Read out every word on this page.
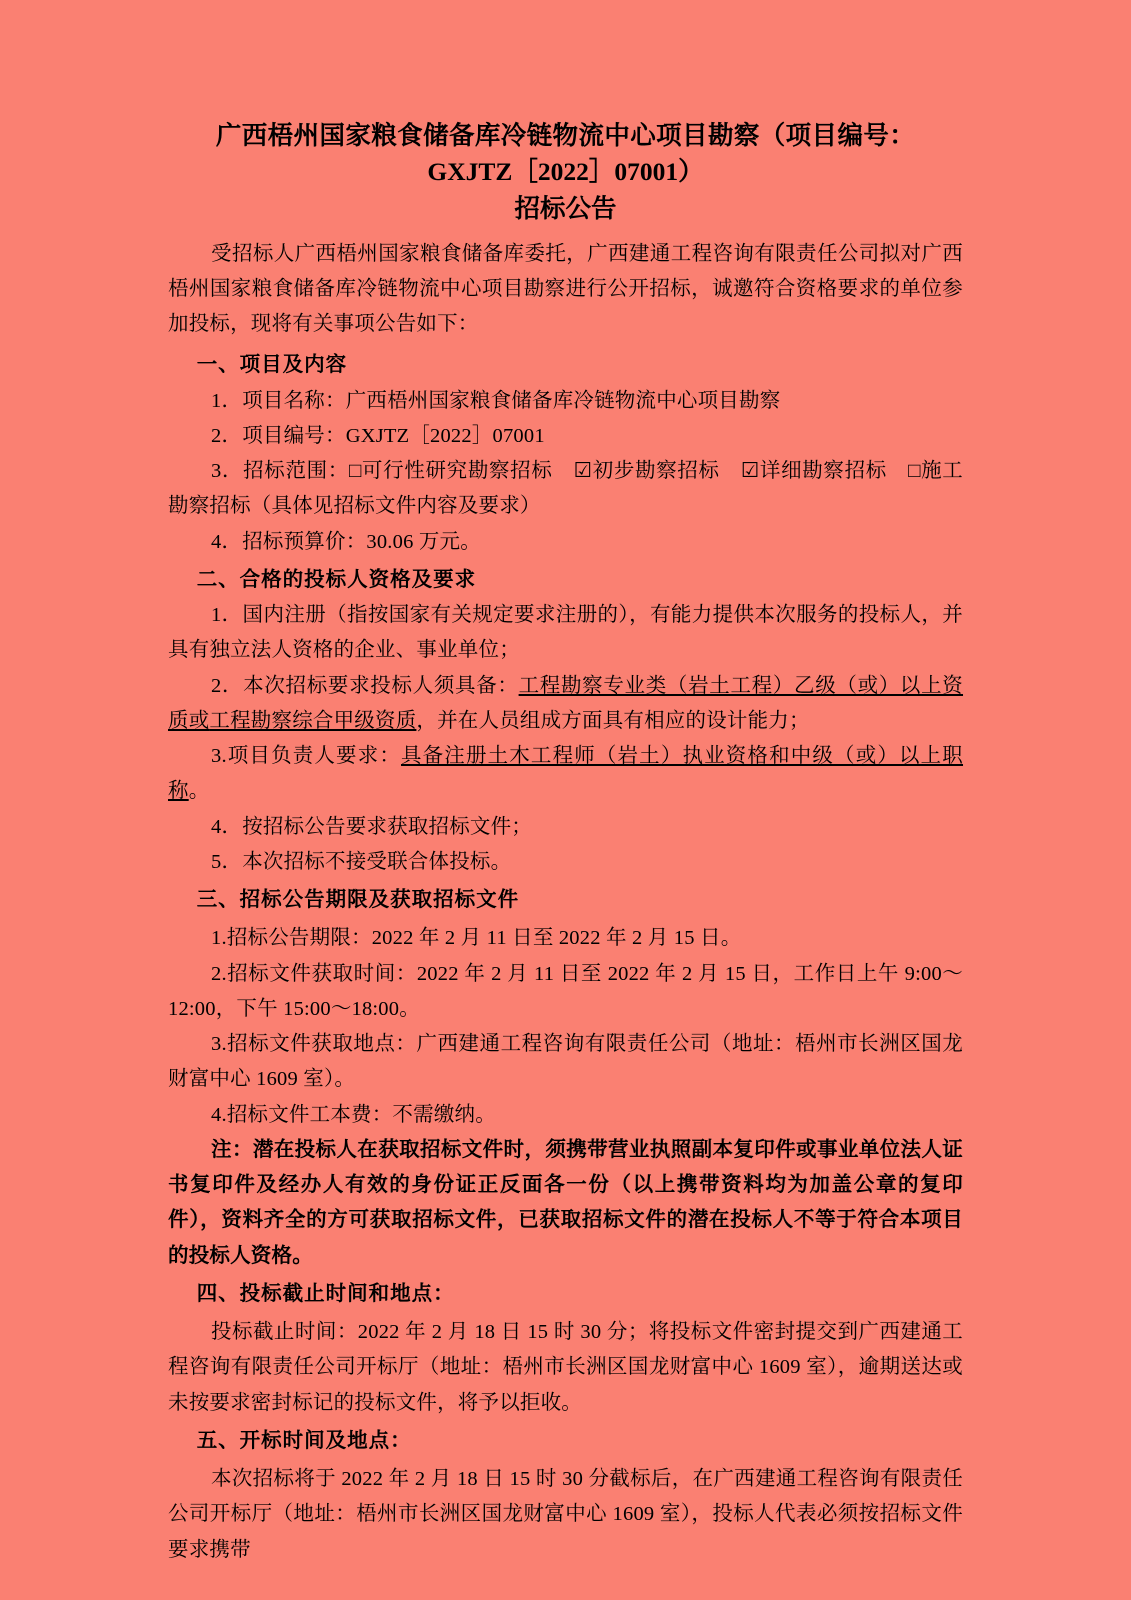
广西梧州国家粮食储备库冷链物流中心项目勘察（项目编号：
GXJTZ［2022］07001）
招标公告

受招标人广西梧州国家粮食储备库委托，广西建通工程咨询有限责任公司拟对广西梧州国家粮食储备库冷链物流中心项目勘察进行公开招标，诚邀符合资格要求的单位参加投标，现将有关事项公告如下：

一、项目及内容

1．项目名称：广西梧州国家粮食储备库冷链物流中心项目勘察

2．项目编号：GXJTZ［2022］07001

3．招标范围：□可行性研究勘察招标　☑初步勘察招标　☑详细勘察招标　□施工勘察招标（具体见招标文件内容及要求）

4．招标预算价：30.06 万元。

二、合格的投标人资格及要求

1．国内注册（指按国家有关规定要求注册的），有能力提供本次服务的投标人，并具有独立法人资格的企业、事业单位；

2．本次招标要求投标人须具备：工程勘察专业类（岩土工程）乙级（或）以上资质或工程勘察综合甲级资质，并在人员组成方面具有相应的设计能力；

3.项目负责人要求：具备注册土木工程师（岩土）执业资格和中级（或）以上职称。

4．按招标公告要求获取招标文件；

5．本次招标不接受联合体投标。

三、招标公告期限及获取招标文件

1.招标公告期限：2022 年 2 月 11 日至 2022 年 2 月 15 日。

2.招标文件获取时间：2022 年 2 月 11 日至 2022 年 2 月 15 日，工作日上午 9:00～12:00，下午 15:00～18:00。

3.招标文件获取地点：广西建通工程咨询有限责任公司（地址：梧州市长洲区国龙财富中心 1609 室）。

4.招标文件工本费：不需缴纳。

注：潜在投标人在获取招标文件时，须携带营业执照副本复印件或事业单位法人证书复印件及经办人有效的身份证正反面各一份（以上携带资料均为加盖公章的复印件），资料齐全的方可获取招标文件，已获取招标文件的潜在投标人不等于符合本项目的投标人资格。

四、投标截止时间和地点：

投标截止时间：2022 年 2 月 18 日 15 时 30 分；将投标文件密封提交到广西建通工程咨询有限责任公司开标厅（地址：梧州市长洲区国龙财富中心 1609 室），逾期送达或未按要求密封标记的投标文件，将予以拒收。

五、开标时间及地点：

本次招标将于 2022 年 2 月 18 日 15 时 30 分截标后，在广西建通工程咨询有限责任公司开标厅（地址：梧州市长洲区国龙财富中心 1609 室），投标人代表必须按招标文件要求携带
